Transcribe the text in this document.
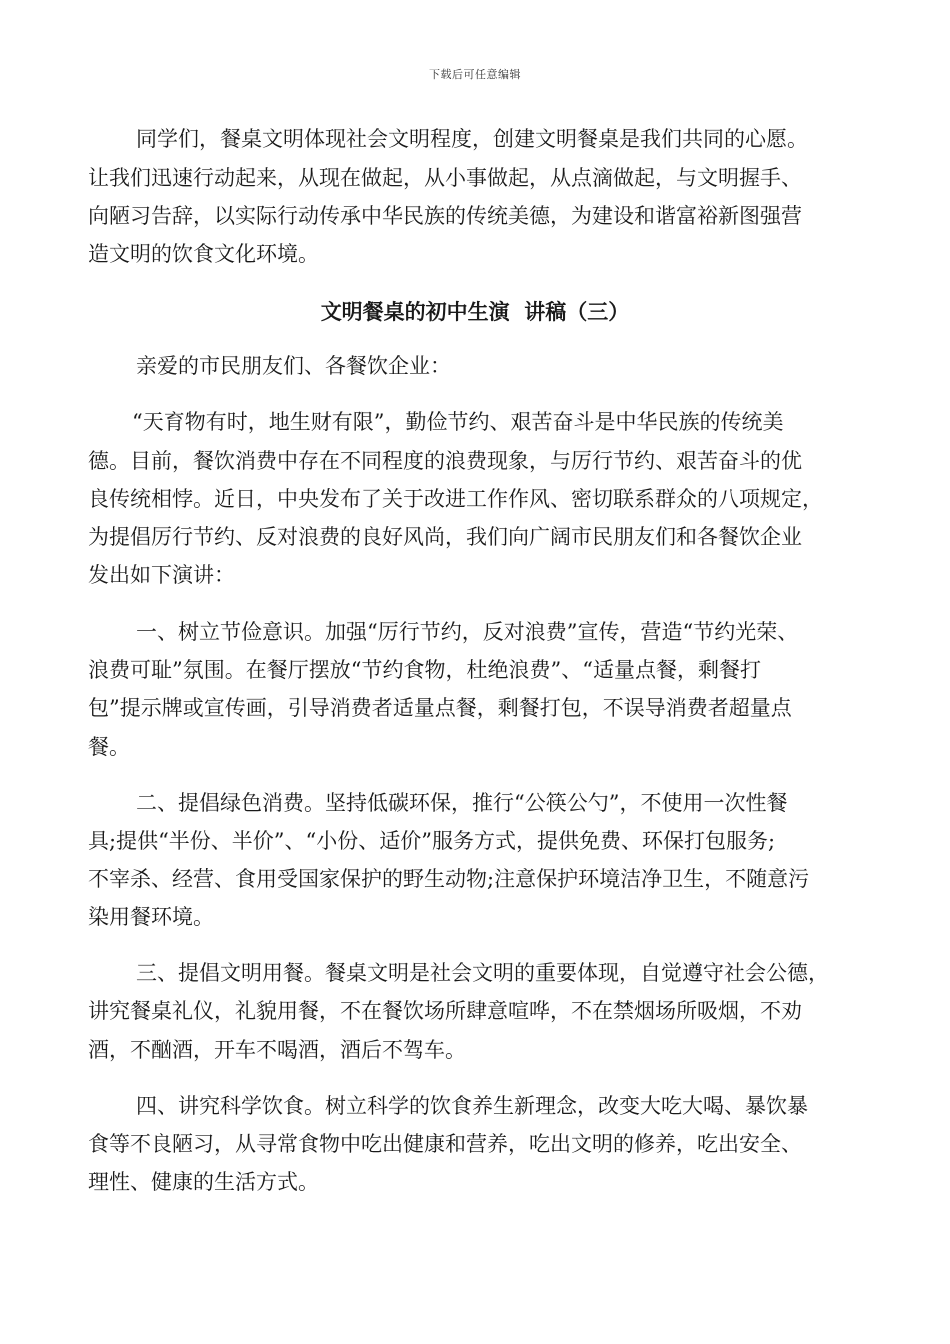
下载后可任意编辑
同学们，餐桌文明体现社会文明程度，创建文明餐桌是我们共同的心愿。
让我们迅速行动起来，从现在做起，从小事做起，从点滴做起，与文明握手、
向陋习告辞，以实际行动传承中华民族的传统美德，为建设和谐富裕新图强营
造文明的饮食文化环境。
文明餐桌的初中生演  讲稿（三）
亲爱的市民朋友们、各餐饮企业：
“天育物有时，地生财有限”，勤俭节约、艰苦奋斗是中华民族的传统美
德。目前，餐饮消费中存在不同程度的浪费现象，与厉行节约、艰苦奋斗的优
良传统相悖。近日，中央发布了关于改进工作作风、密切联系群众的八项规定，
为提倡厉行节约、反对浪费的良好风尚，我们向广阔市民朋友们和各餐饮企业
发出如下演讲：
一、树立节俭意识。加强“厉行节约，反对浪费”宣传，营造“节约光荣、
浪费可耻”氛围。在餐厅摆放“节约食物，杜绝浪费”、“适量点餐，剩餐打
包”提示牌或宣传画，引导消费者适量点餐，剩餐打包，不误导消费者超量点
餐。
二、提倡绿色消费。坚持低碳环保，推行“公筷公勺”，不使用一次性餐
具;提供“半份、半价”、“小份、适价”服务方式，提供免费、环保打包服务;
不宰杀、经营、食用受国家保护的野生动物;注意保护环境洁净卫生，不随意污
染用餐环境。
三、提倡文明用餐。餐桌文明是社会文明的重要体现，自觉遵守社会公德，
讲究餐桌礼仪，礼貌用餐，不在餐饮场所肆意喧哗，不在禁烟场所吸烟，不劝
酒，不酗酒，开车不喝酒，酒后不驾车。
四、讲究科学饮食。树立科学的饮食养生新理念，改变大吃大喝、暴饮暴
食等不良陋习，从寻常食物中吃出健康和营养，吃出文明的修养，吃出安全、
理性、健康的生活方式。
